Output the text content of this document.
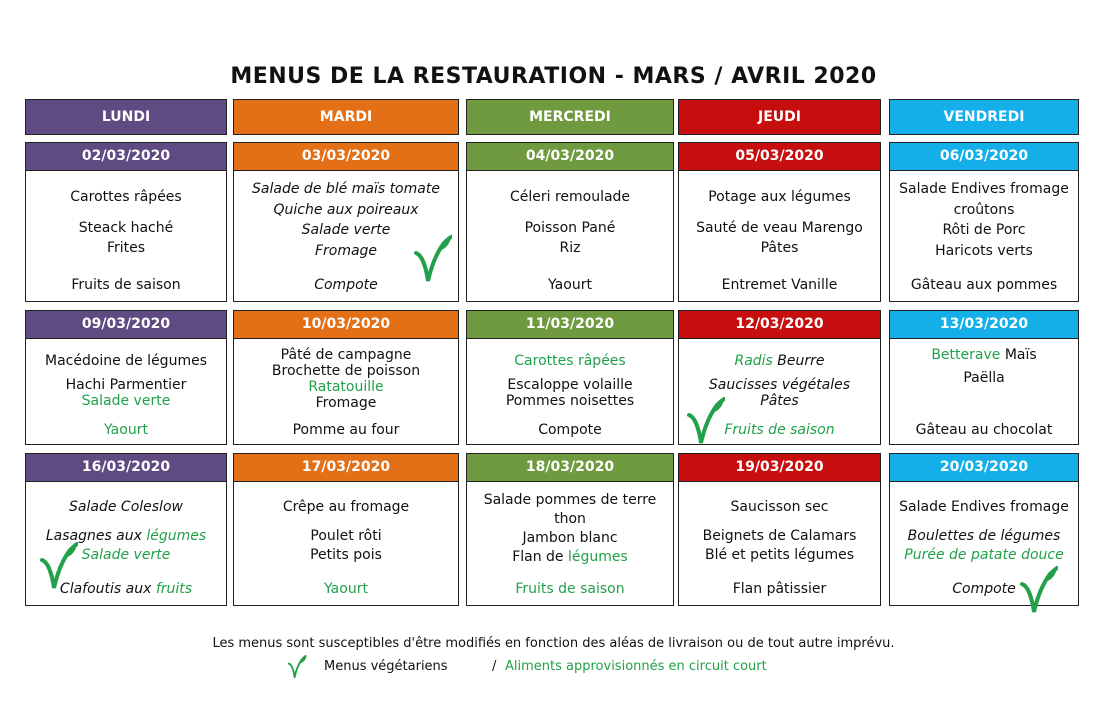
MENUS DE LA RESTAURATION - MARS / AVRIL 2020
LUNDI	MARDI	MERCREDI	JEUDI	VENDREDI
02/03/2020
Carottes râpées
Steack haché
Frites
Fruits de saison
03/03/2020
Salade de blé maïs tomate
Quiche aux poireaux
Salade verte
Fromage
Compote
04/03/2020
Céleri remoulade
Poisson Pané
Riz
Yaourt
05/03/2020
Potage aux légumes
Sauté de veau Marengo
Pâtes
Entremet Vanille
06/03/2020
Salade Endives fromage
croûtons
Rôti de Porc
Haricots verts
Gâteau aux pommes
09/03/2020
Macédoine de légumes
Hachi Parmentier
Salade verte
Yaourt
10/03/2020
Pâté de campagne
Brochette de poisson
Ratatouille
Fromage
Pomme au four
11/03/2020
Carottes râpées
Escaloppe volaille
Pommes noisettes
Compote
12/03/2020
Radis Beurre
Saucisses végétales
Pâtes
Fruits de saison
13/03/2020
Betterave Maïs
Paëlla
Gâteau au chocolat
16/03/2020
Salade Coleslow
Lasagnes aux légumes
Salade verte
Clafoutis aux fruits
17/03/2020
Crêpe au fromage
Poulet rôti
Petits pois
Yaourt
18/03/2020
Salade pommes de terre
thon
Jambon blanc
Flan de légumes
Fruits de saison
19/03/2020
Saucisson sec
Beignets de Calamars
Blé et petits légumes
Flan pâtissier
20/03/2020
Salade Endives fromage
Boulettes de légumes
Purée de patate douce
Compote
Les menus sont susceptibles d'être modifiés en fonction des aléas de livraison ou de tout autre imprévu.
Menus végétariens	/ Aliments approvisionnés en circuit court
